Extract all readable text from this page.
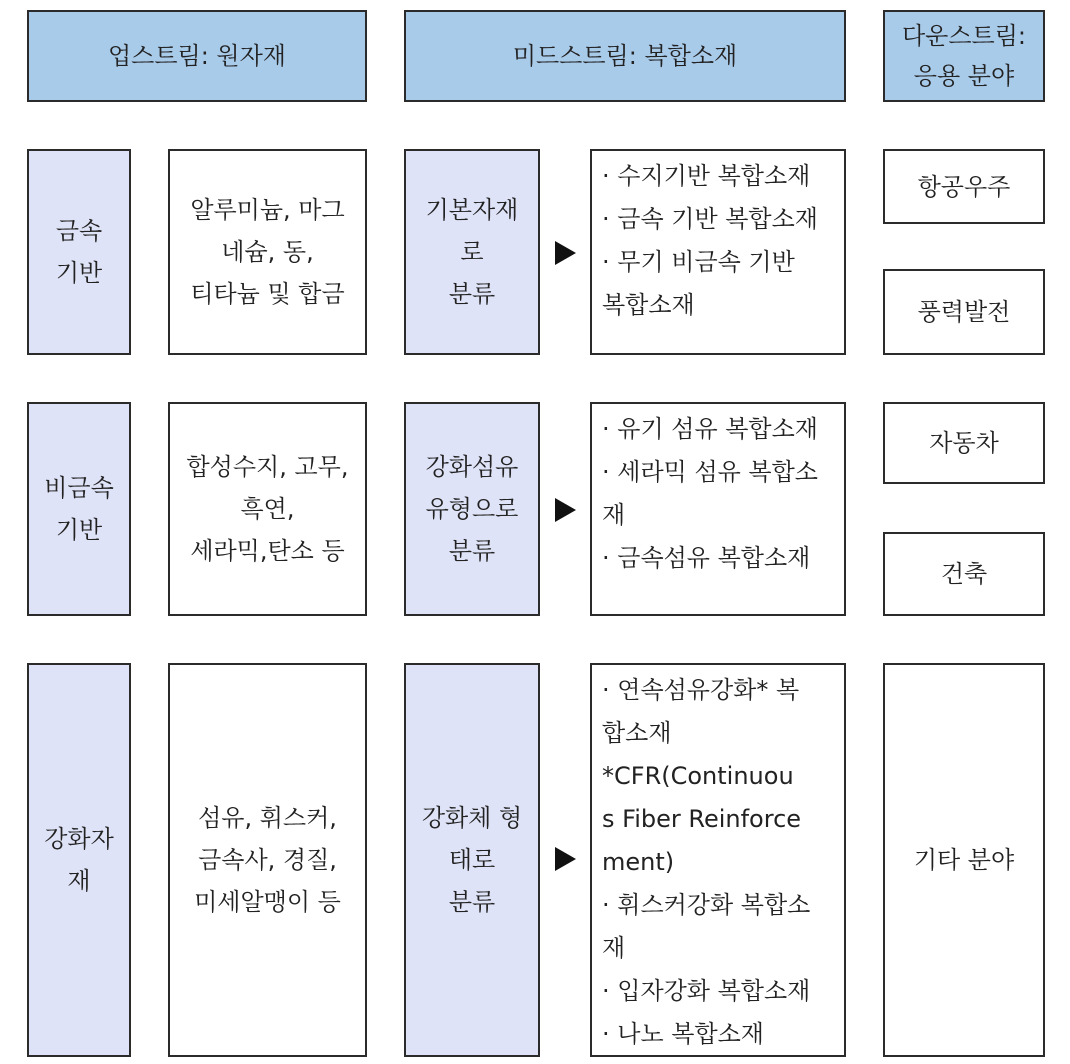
업스트림: 원자재	미드스트림: 복합소재
다운스트림:
응용 분야
금속
기반
알루미늄, 마그
네슘, 동,
티타늄 및 합금
기본자재
로
분류
· 수지기반 복합소재
· 금속 기반 복합소재
· 무기 비금속 기반
복합소재
비금속
기반
합성수지, 고무,
흑연,
세라믹,탄소 등
강화섬유
유형으로
분류
· 유기 섬유 복합소재
· 세라믹 섬유 복합소
재
· 금속섬유 복합소재
강화자
재
섬유, 휘스커,
금속사, 경질,
미세알맹이 등
강화체 형
태로
분류
· 연속섬유강화* 복
합소재
*CFR(Continuou
s Fiber Reinforce
ment)
· 휘스커강화 복합소
재
· 입자강화 복합소재
· 나노 복합소재
항공우주
풍력발전
자동차
건축
기타 분야
